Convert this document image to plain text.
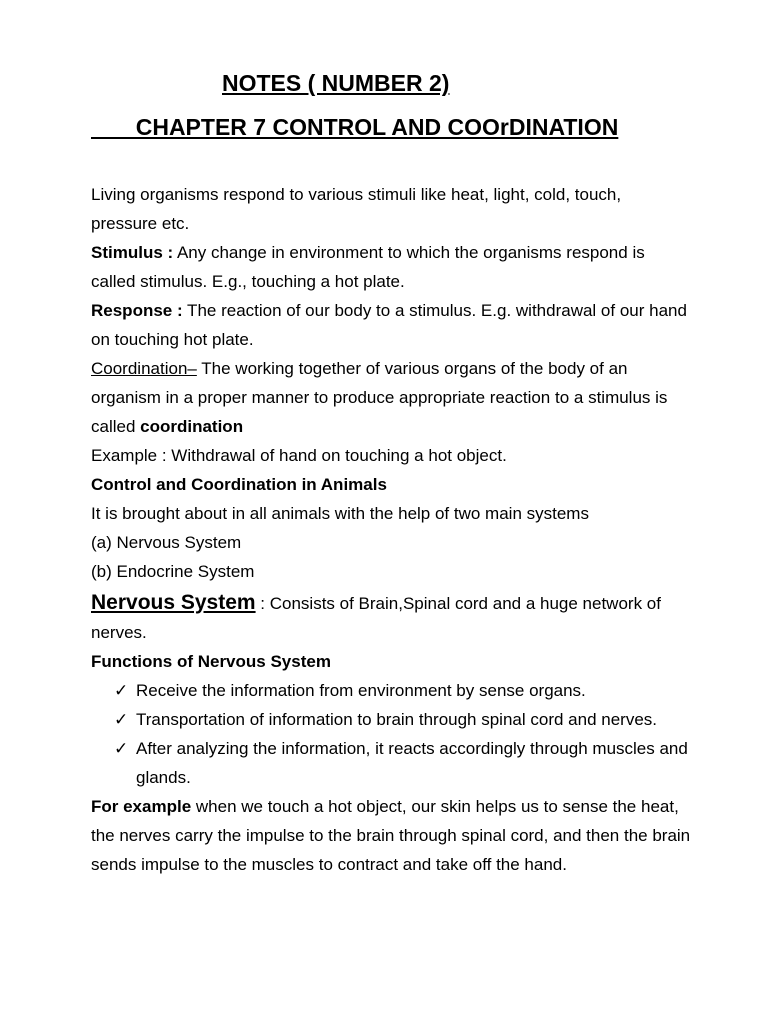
NOTES ( NUMBER 2)
CHAPTER 7 CONTROL AND COOrDINATION

Living organisms respond to various stimuli like heat, light, cold, touch, pressure etc.

Stimulus : Any change in environment to which the organisms respond is called stimulus. E.g., touching a hot plate.

Response : The reaction of our body to a stimulus. E.g. withdrawal of our hand on touching hot plate.

Coordination– The working together of various organs of the body of an organism in a proper manner to produce appropriate reaction to a stimulus is called coordination

Example : Withdrawal of hand on touching a hot object.

Control and Coordination in Animals

It is brought about in all animals with the help of two main systems

(a) Nervous System

(b) Endocrine System

Nervous System : Consists of Brain,Spinal cord and a huge network of nerves.

Functions of Nervous System

✓ Receive the information from environment by sense organs.
✓ Transportation of information to brain through spinal cord and nerves.
✓ After analyzing the information, it reacts accordingly through muscles and glands.

For example when we touch a hot object, our skin helps us to sense the heat, the nerves carry the impulse to the brain through spinal cord, and then the brain sends impulse to the muscles to contract and take off the hand.
